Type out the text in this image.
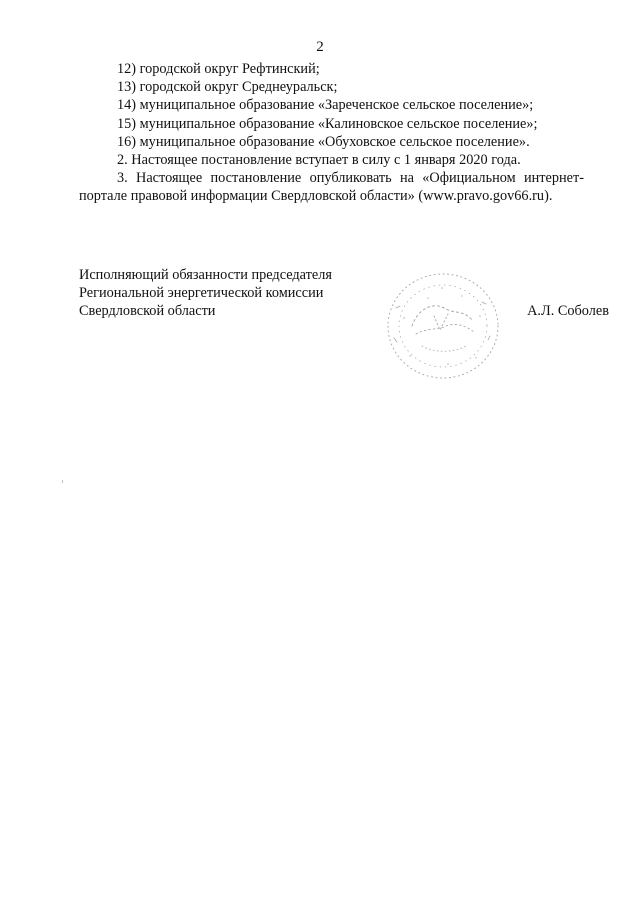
2

12) городской округ Рефтинский;

13) городской округ Среднеуральск;

14) муниципальное образование «Зареченское сельское поселение»;

15) муниципальное образование «Калиновское сельское поселение»;

16) муниципальное образование «Обуховское сельское поселение».

2. Настоящее постановление вступает в силу с 1 января 2020 года.

3. Настоящее постановление опубликовать на «Официальном интернет-портале правовой информации Свердловской области» (www.pravo.gov66.ru).

Исполняющий обязанности председателя
Региональной энергетической комиссии
Свердловской области	А.Л. Соболев
